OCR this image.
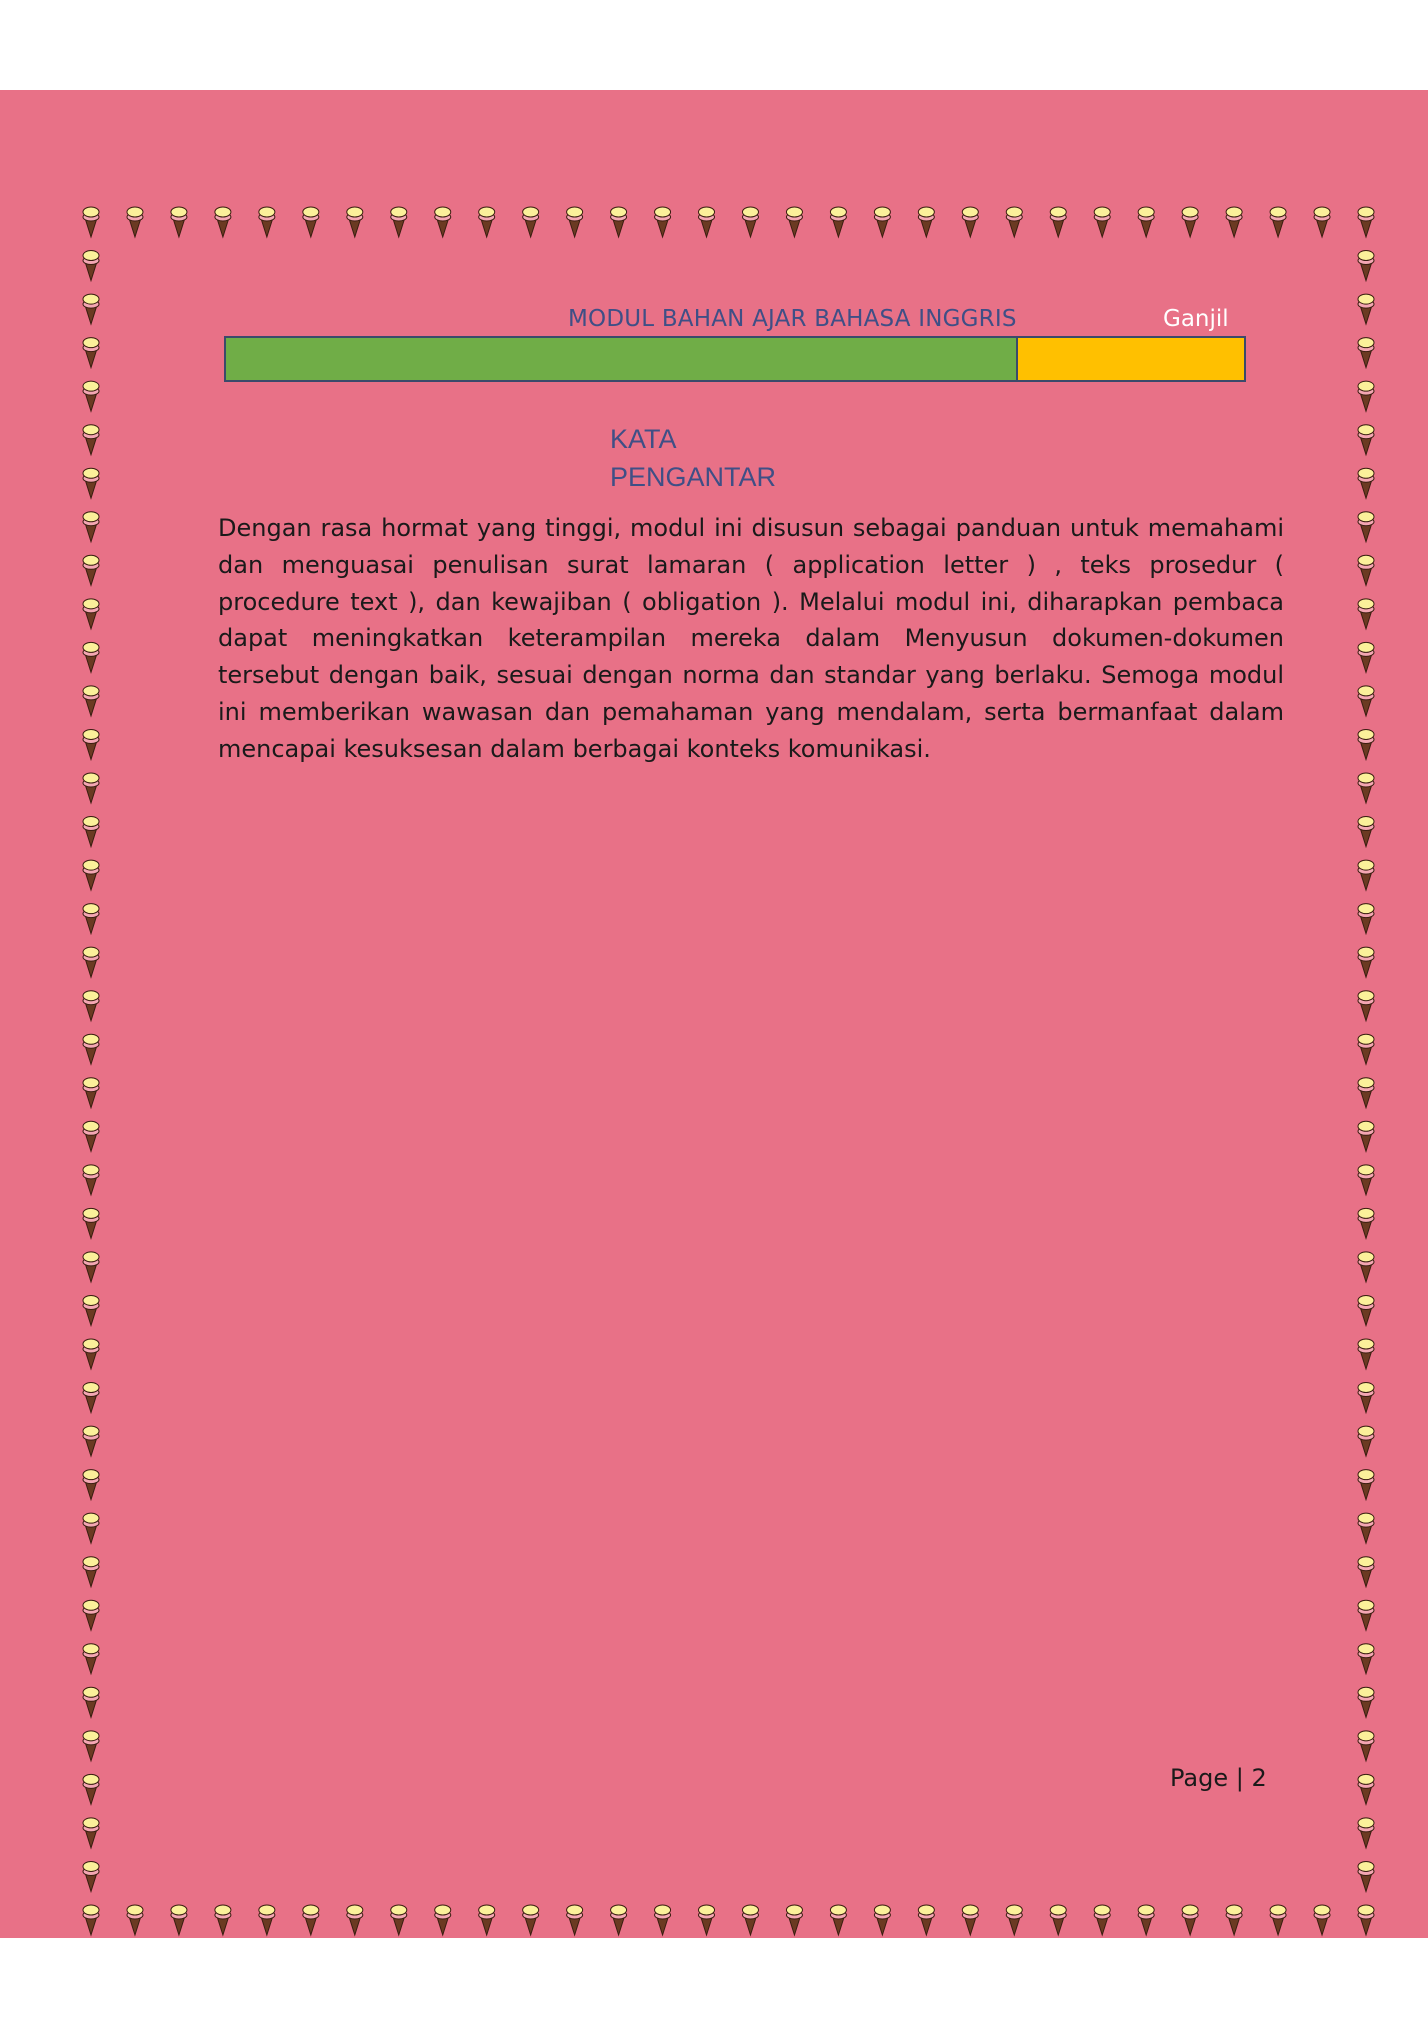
MODUL BAHAN AJAR BAHASA INGGRIS	Ganjil
KATA
PENGANTAR

Dengan rasa hormat yang tinggi, modul ini disusun sebagai panduan untuk memahami dan menguasai penulisan surat lamaran ( application letter ) , teks prosedur ( procedure text ), dan kewajiban ( obligation ). Melalui modul ini, diharapkan pembaca dapat meningkatkan keterampilan mereka dalam Menyusun dokumen-dokumen tersebut dengan baik, sesuai dengan norma dan standar yang berlaku. Semoga modul ini memberikan wawasan dan pemahaman yang mendalam, serta bermanfaat dalam mencapai kesuksesan dalam berbagai konteks komunikasi.

Page | 2
